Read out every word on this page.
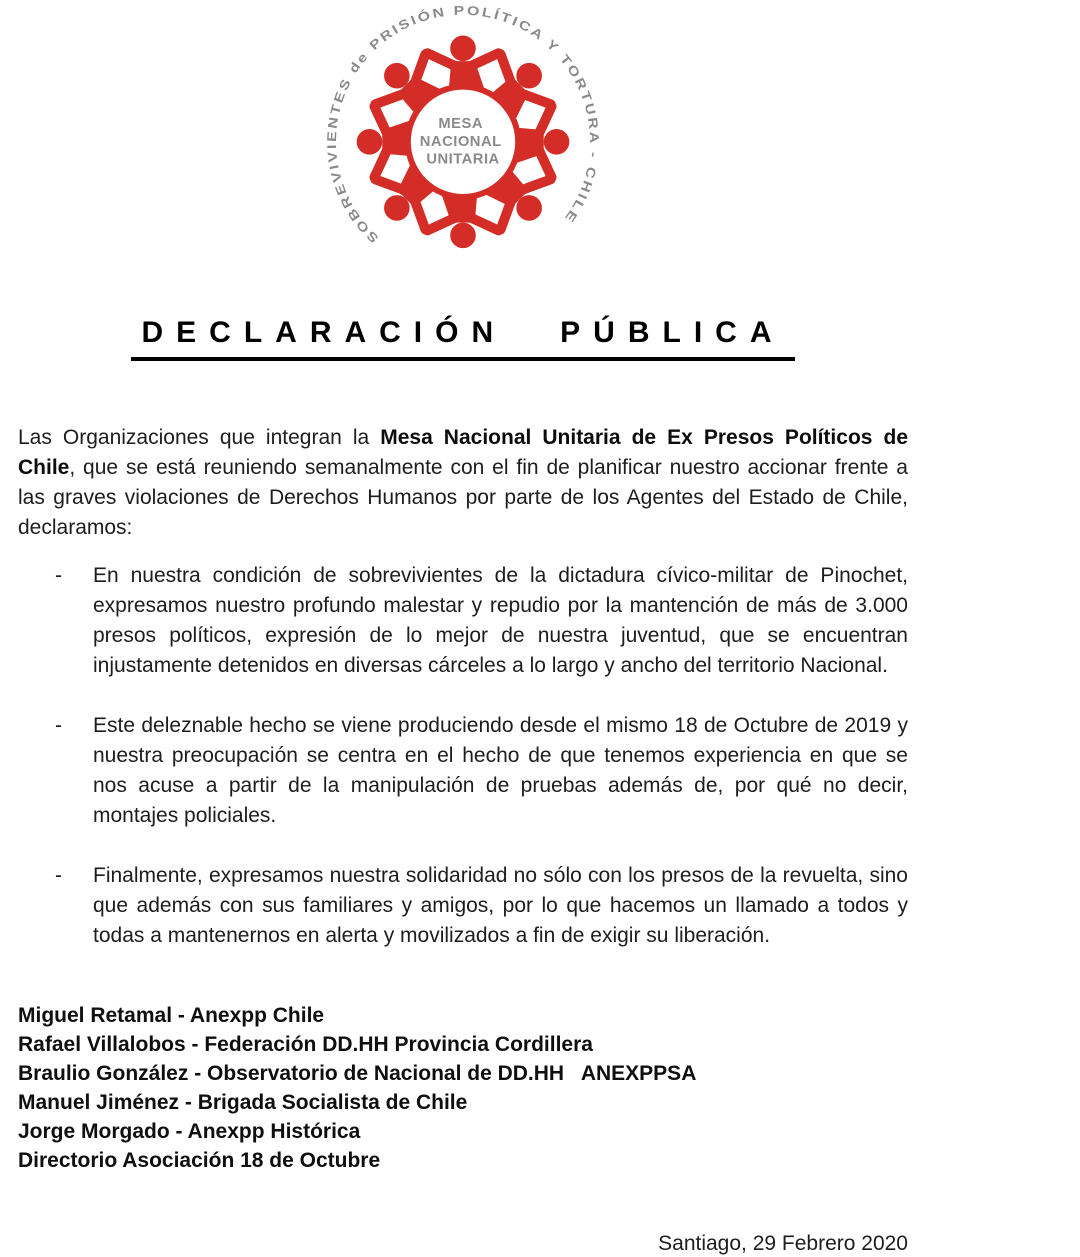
SOBREVIVIENTES de PRISIÓN POLÍTICA Y TORTURA - CHILE
MESA NACIONAL UNITARIA
DECLARACIÓN PÚBLICA

Las Organizaciones que integran la Mesa Nacional Unitaria de Ex Presos Políticos de Chile, que se está reuniendo semanalmente con el fin de planificar nuestro accionar frente a las graves violaciones de Derechos Humanos por parte de los Agentes del Estado de Chile, declaramos:

-	En nuestra condición de sobrevivientes de la dictadura cívico-militar de Pinochet, expresamos nuestro profundo malestar y repudio por la mantención de más de 3.000 presos políticos, expresión de lo mejor de nuestra juventud, que se encuentran injustamente detenidos en diversas cárceles a lo largo y ancho del territorio Nacional.

-	Este deleznable hecho se viene produciendo desde el mismo 18 de Octubre de 2019 y nuestra preocupación se centra en el hecho de que tenemos experiencia en que se nos acuse a partir de la manipulación de pruebas además de, por qué no decir, montajes policiales.

-	Finalmente, expresamos nuestra solidaridad no sólo con los presos de la revuelta, sino que además con sus familiares y amigos, por lo que hacemos un llamado a todos y todas a mantenernos en alerta y movilizados a fin de exigir su liberación.

Miguel Retamal - Anexpp Chile
Rafael Villalobos - Federación DD.HH Provincia Cordillera
Braulio González - Observatorio de Nacional de DD.HH   ANEXPPSA
Manuel Jiménez - Brigada Socialista de Chile
Jorge Morgado - Anexpp Histórica
Directorio Asociación 18 de Octubre
Santiago, 29 Febrero 2020
